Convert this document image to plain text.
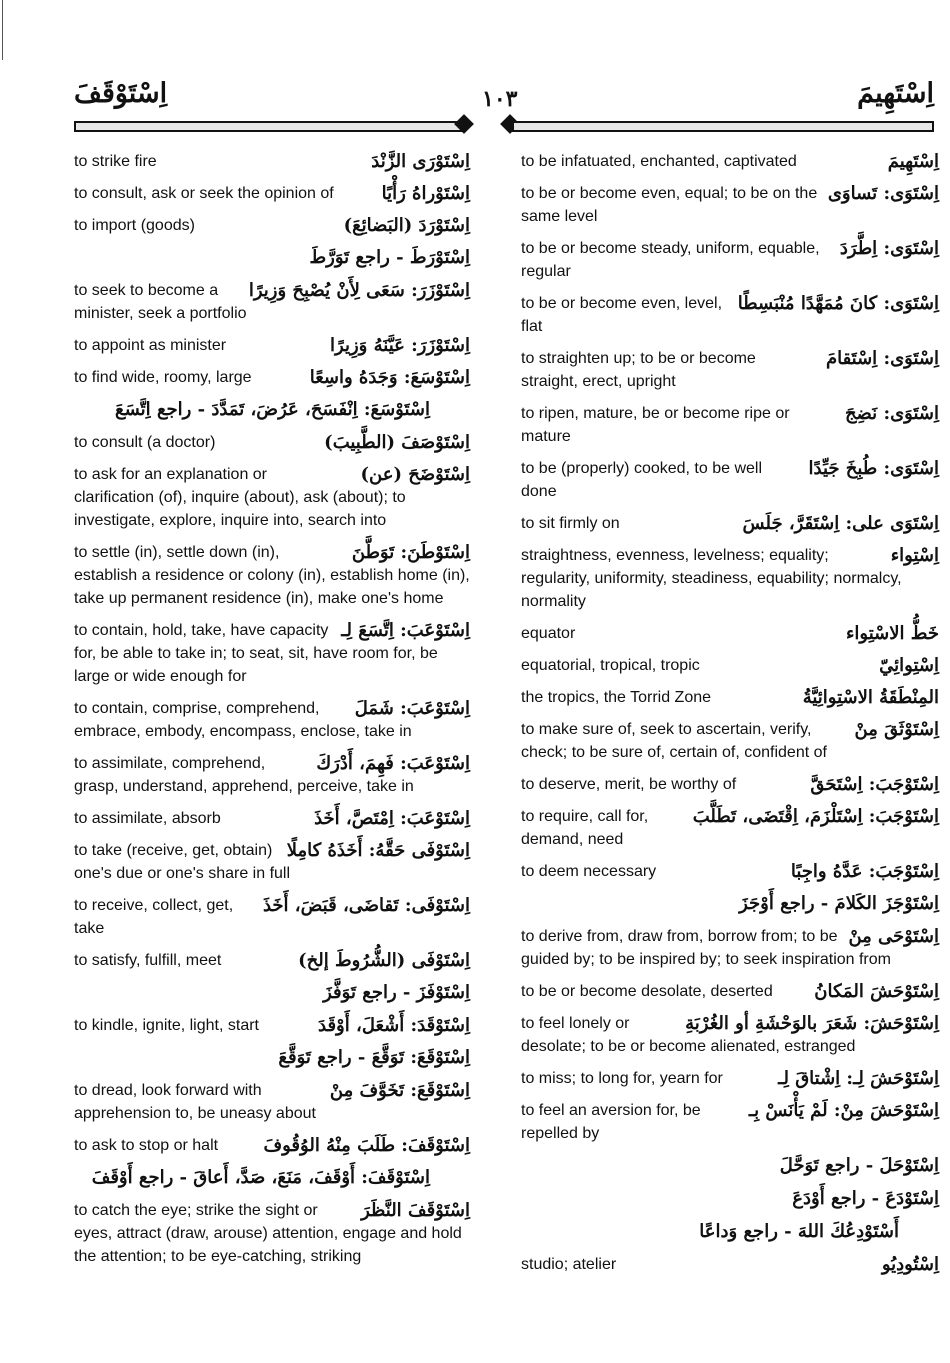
اِسْتَوْقَفَ	١٠٣	اِسْتَهِيمَ
اِسْتَوْرَى الزَّنْدَ
to strike fire
اِسْتَوْراهُ رَأْيًا
to consult, ask or seek the opinion of
اِسْتَوْرَدَ (البَضائِعَ)
to import (goods)
اِسْتَوْرَطَ - راجع تَوَرَّطَ
اِسْتَوْزَرَ: سَعَى لِأَنْ يُصْبِحَ وَزِيرًا
to seek to become a minister, seek a portfolio
اِسْتَوْزَرَ: عَيَّنَهُ وَزِيرًا
to appoint as minister
اِسْتَوْسَعَ: وَجَدَهُ واسِعًا
to find wide, roomy, large
اِسْتَوْسَعَ: اِنْفَسَحَ، عَرُضَ، تَمَدَّدَ - راجع اِتَّسَعَ
اِسْتَوْصَفَ (الطَّبِيبَ)
to consult (a doctor)
اِسْتَوْضَحَ (عن)
to ask for an explanation or clarification (of), inquire (about), ask (about); to investigate, explore, inquire into, search into
اِسْتَوْطَنَ: تَوَطَّنَ
to settle (in), settle down (in), establish a residence or colony (in), establish home (in), take up permanent residence (in), make one's home
اِسْتَوْعَبَ: اِتَّسَعَ لِـ
to contain, hold, take, have capacity for, be able to take in; to seat, sit, have room for, be large or wide enough for
اِسْتَوْعَبَ: شَمَلَ
to contain, comprise, comprehend, embrace, embody, encompass, enclose, take in
اِسْتَوْعَبَ: فَهِمَ، أَدْرَكَ
to assimilate, comprehend, grasp, understand, apprehend, perceive, take in
اِسْتَوْعَبَ: اِمْتَصَّ، أَخَذَ
to assimilate, absorb
اِسْتَوْفَى حَقَّهُ: أَخَذَهُ كامِلًا
to take (receive, get, obtain) one's due or one's share in full
اِسْتَوْفَى: تَقاضَى، قَبَضَ، أَخَذَ
to receive, collect, get, take
اِسْتَوْفَى (الشُّرُوطَ إلخ)
to satisfy, fulfill, meet
اِسْتَوْفَزَ - راجع تَوَفَّزَ
اِسْتَوْقَدَ: أَشْعَلَ، أَوْقَدَ
to kindle, ignite, light, start
اِسْتَوْقَعَ: تَوَقَّعَ - راجع تَوَقَّعَ
اِسْتَوْقَعَ: تَخَوَّفَ مِنْ
to dread, look forward with apprehension to, be uneasy about
اِسْتَوْقَفَ: طَلَبَ مِنْهُ الوُقُوفَ
to ask to stop or halt
اِسْتَوْقَفَ: أَوْقَفَ، مَنَعَ، صَدَّ، أَعاقَ - راجع أَوْقَفَ
اِسْتَوْقَفَ النَّظَرَ
to catch the eye; strike the sight or eyes, attract (draw, arouse) attention, engage and hold the attention; to be eye-catching, striking
اِسْتَهِيمَ
to be infatuated, enchanted, captivated
اِسْتَوَى: تَساوَى
to be or become even, equal; to be on the same level
اِسْتَوَى: اِطَّرَدَ
to be or become steady, uniform, equable, regular
اِسْتَوَى: كانَ مُمَهَّدًا مُنْبَسِطًا
to be or become even, level, flat
اِسْتَوَى: اِسْتَقامَ
to straighten up; to be or become straight, erect, upright
اِسْتَوَى: نَضِجَ
to ripen, mature, be or become ripe or mature
اِسْتَوَى: طُبِخَ جَيِّدًا
to be (properly) cooked, to be well done
اِسْتَوَى على: اِسْتَقَرَّ، جَلَسَ
to sit firmly on
اِسْتِواء
straightness, evenness, levelness; equality; regularity, uniformity, steadiness, equability; normalcy, normality
خَطُّ الاسْتِواء
equator
اِسْتِوائِيّ
equatorial, tropical, tropic
المِنْطَقَةُ الاسْتِوائِيَّةُ
the tropics, the Torrid Zone
اِسْتَوْثَقَ مِنْ
to make sure of, seek to ascertain, verify, check; to be sure of, certain of, confident of
اِسْتَوْجَبَ: اِسْتَحَقَّ
to deserve, merit, be worthy of
اِسْتَوْجَبَ: اِسْتَلْزَمَ، اِقْتَضَى، تَطَلَّبَ
to require, call for, demand, need
اِسْتَوْجَبَ: عَدَّهُ واجِبًا
to deem necessary
اِسْتَوْجَزَ الكَلامَ - راجع أَوْجَزَ
اِسْتَوْحَى مِنْ
to derive from, draw from, borrow from; to be guided by; to be inspired by; to seek inspiration from
اِسْتَوْحَشَ المَكانُ
to be or become desolate, deserted
اِسْتَوْحَشَ: شَعَرَ بالوَحْشَةِ أو الغُرْبَةِ
to feel lonely or desolate; to be or become alienated, estranged
اِسْتَوْحَشَ لِـ: اِشْتاقَ لِـ
to miss; to long for, yearn for
اِسْتَوْحَشَ مِنْ: لَمْ يَأْنَسْ بِـ
to feel an aversion for, be repelled by
اِسْتَوْحَلَ - راجع تَوَحَّلَ
اِسْتَوْدَعَ - راجع أَوْدَعَ
أَسْتَوْدِعُكَ اللهَ - راجع وَداعًا
اِسْتُودِيُو
studio; atelier
